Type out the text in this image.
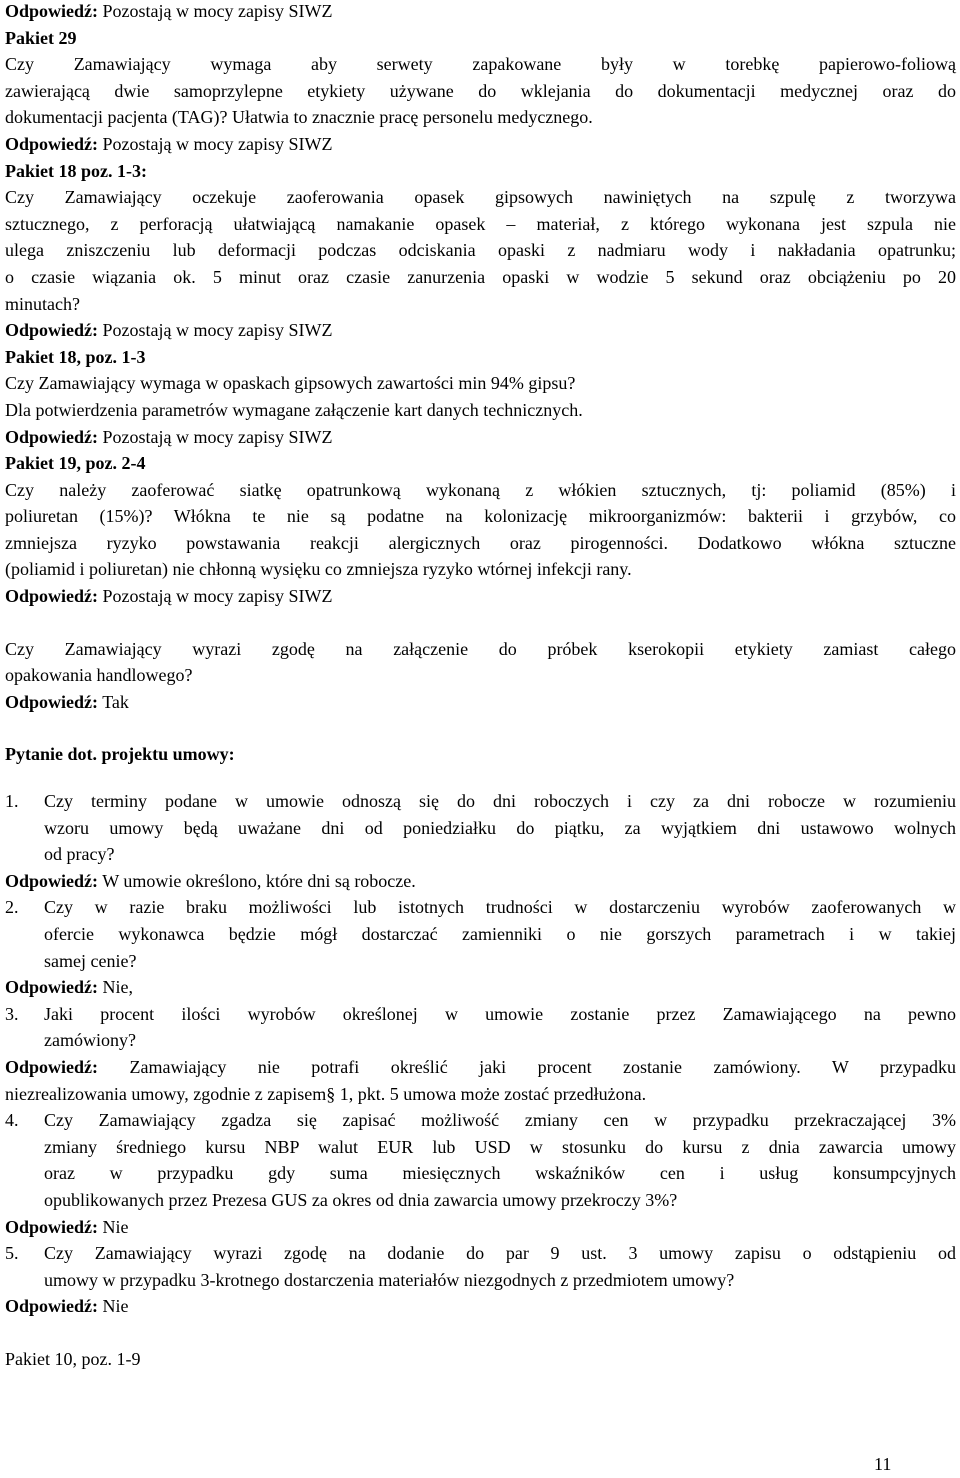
Odpowiedź: Pozostają w mocy zapisy SIWZ

Pakiet 29

Czy Zamawiający wymaga aby serwety zapakowane były w torebkę papierowo-foliową

zawierającą dwie samoprzylepne etykiety używane do wklejania do dokumentacji medycznej oraz do

dokumentacji pacjenta (TAG)? Ułatwia to znacznie pracę personelu medycznego.

Odpowiedź: Pozostają w mocy zapisy SIWZ

Pakiet 18 poz. 1-3:

Czy Zamawiający oczekuje zaoferowania opasek gipsowych nawiniętych na szpulę z tworzywa

sztucznego, z perforacją ułatwiającą namakanie opasek – materiał, z którego wykonana jest szpula nie

ulega zniszczeniu lub deformacji podczas odciskania opaski z nadmiaru wody i nakładania opatrunku;

o czasie wiązania ok. 5 minut oraz czasie zanurzenia opaski w wodzie 5 sekund oraz obciążeniu po 20

minutach?

Odpowiedź: Pozostają w mocy zapisy SIWZ

Pakiet 18, poz. 1-3

Czy Zamawiający wymaga w opaskach gipsowych zawartości min 94% gipsu?

Dla potwierdzenia parametrów wymagane załączenie kart danych technicznych.

Odpowiedź: Pozostają w mocy zapisy SIWZ

Pakiet 19, poz. 2-4

Czy należy zaoferować siatkę opatrunkową wykonaną z włókien sztucznych, tj: poliamid (85%) i

poliuretan (15%)? Włókna te nie są podatne na kolonizację mikroorganizmów: bakterii i grzybów, co

zmniejsza ryzyko powstawania reakcji alergicznych oraz pirogenności. Dodatkowo włókna sztuczne

(poliamid i poliuretan) nie chłonną wysięku co zmniejsza ryzyko wtórnej infekcji rany.

Odpowiedź: Pozostają w mocy zapisy SIWZ

Czy Zamawiający wyrazi zgodę na załączenie do próbek kserokopii etykiety zamiast całego

opakowania handlowego?

Odpowiedź: Tak

Pytanie dot. projektu umowy:

1. Czy terminy podane w umowie odnoszą się do dni roboczych i czy za dni robocze w rozumieniu

wzoru umowy będą uważane dni od poniedziałku do piątku, za wyjątkiem dni ustawowo wolnych

od pracy?

Odpowiedź: W umowie określono, które dni są robocze.

2. Czy w razie braku możliwości lub istotnych trudności w dostarczeniu wyrobów zaoferowanych w

ofercie wykonawca będzie mógł dostarczać zamienniki o nie gorszych parametrach i w takiej

samej cenie?

Odpowiedź: Nie,

3. Jaki procent ilości wyrobów określonej w umowie zostanie przez Zamawiającego na pewno

zamówiony?

Odpowiedź: Zamawiający nie potrafi określić jaki procent zostanie zamówiony. W przypadku

niezrealizowania umowy, zgodnie z zapisem§ 1, pkt. 5 umowa może zostać przedłużona.

4. Czy Zamawiający zgadza się zapisać możliwość zmiany cen w przypadku przekraczającej 3%

zmiany średniego kursu NBP walut EUR lub USD w stosunku do kursu z dnia zawarcia umowy

oraz w przypadku gdy suma miesięcznych wskaźników cen i usług konsumpcyjnych

opublikowanych przez Prezesa GUS za okres od dnia zawarcia umowy przekroczy 3%?

Odpowiedź: Nie

5. Czy Zamawiający wyrazi zgodę na dodanie do par 9 ust. 3 umowy zapisu o odstąpieniu od

umowy w przypadku 3-krotnego dostarczenia materiałów niezgodnych z przedmiotem umowy?

Odpowiedź: Nie

Pakiet 10, poz. 1-9

11
